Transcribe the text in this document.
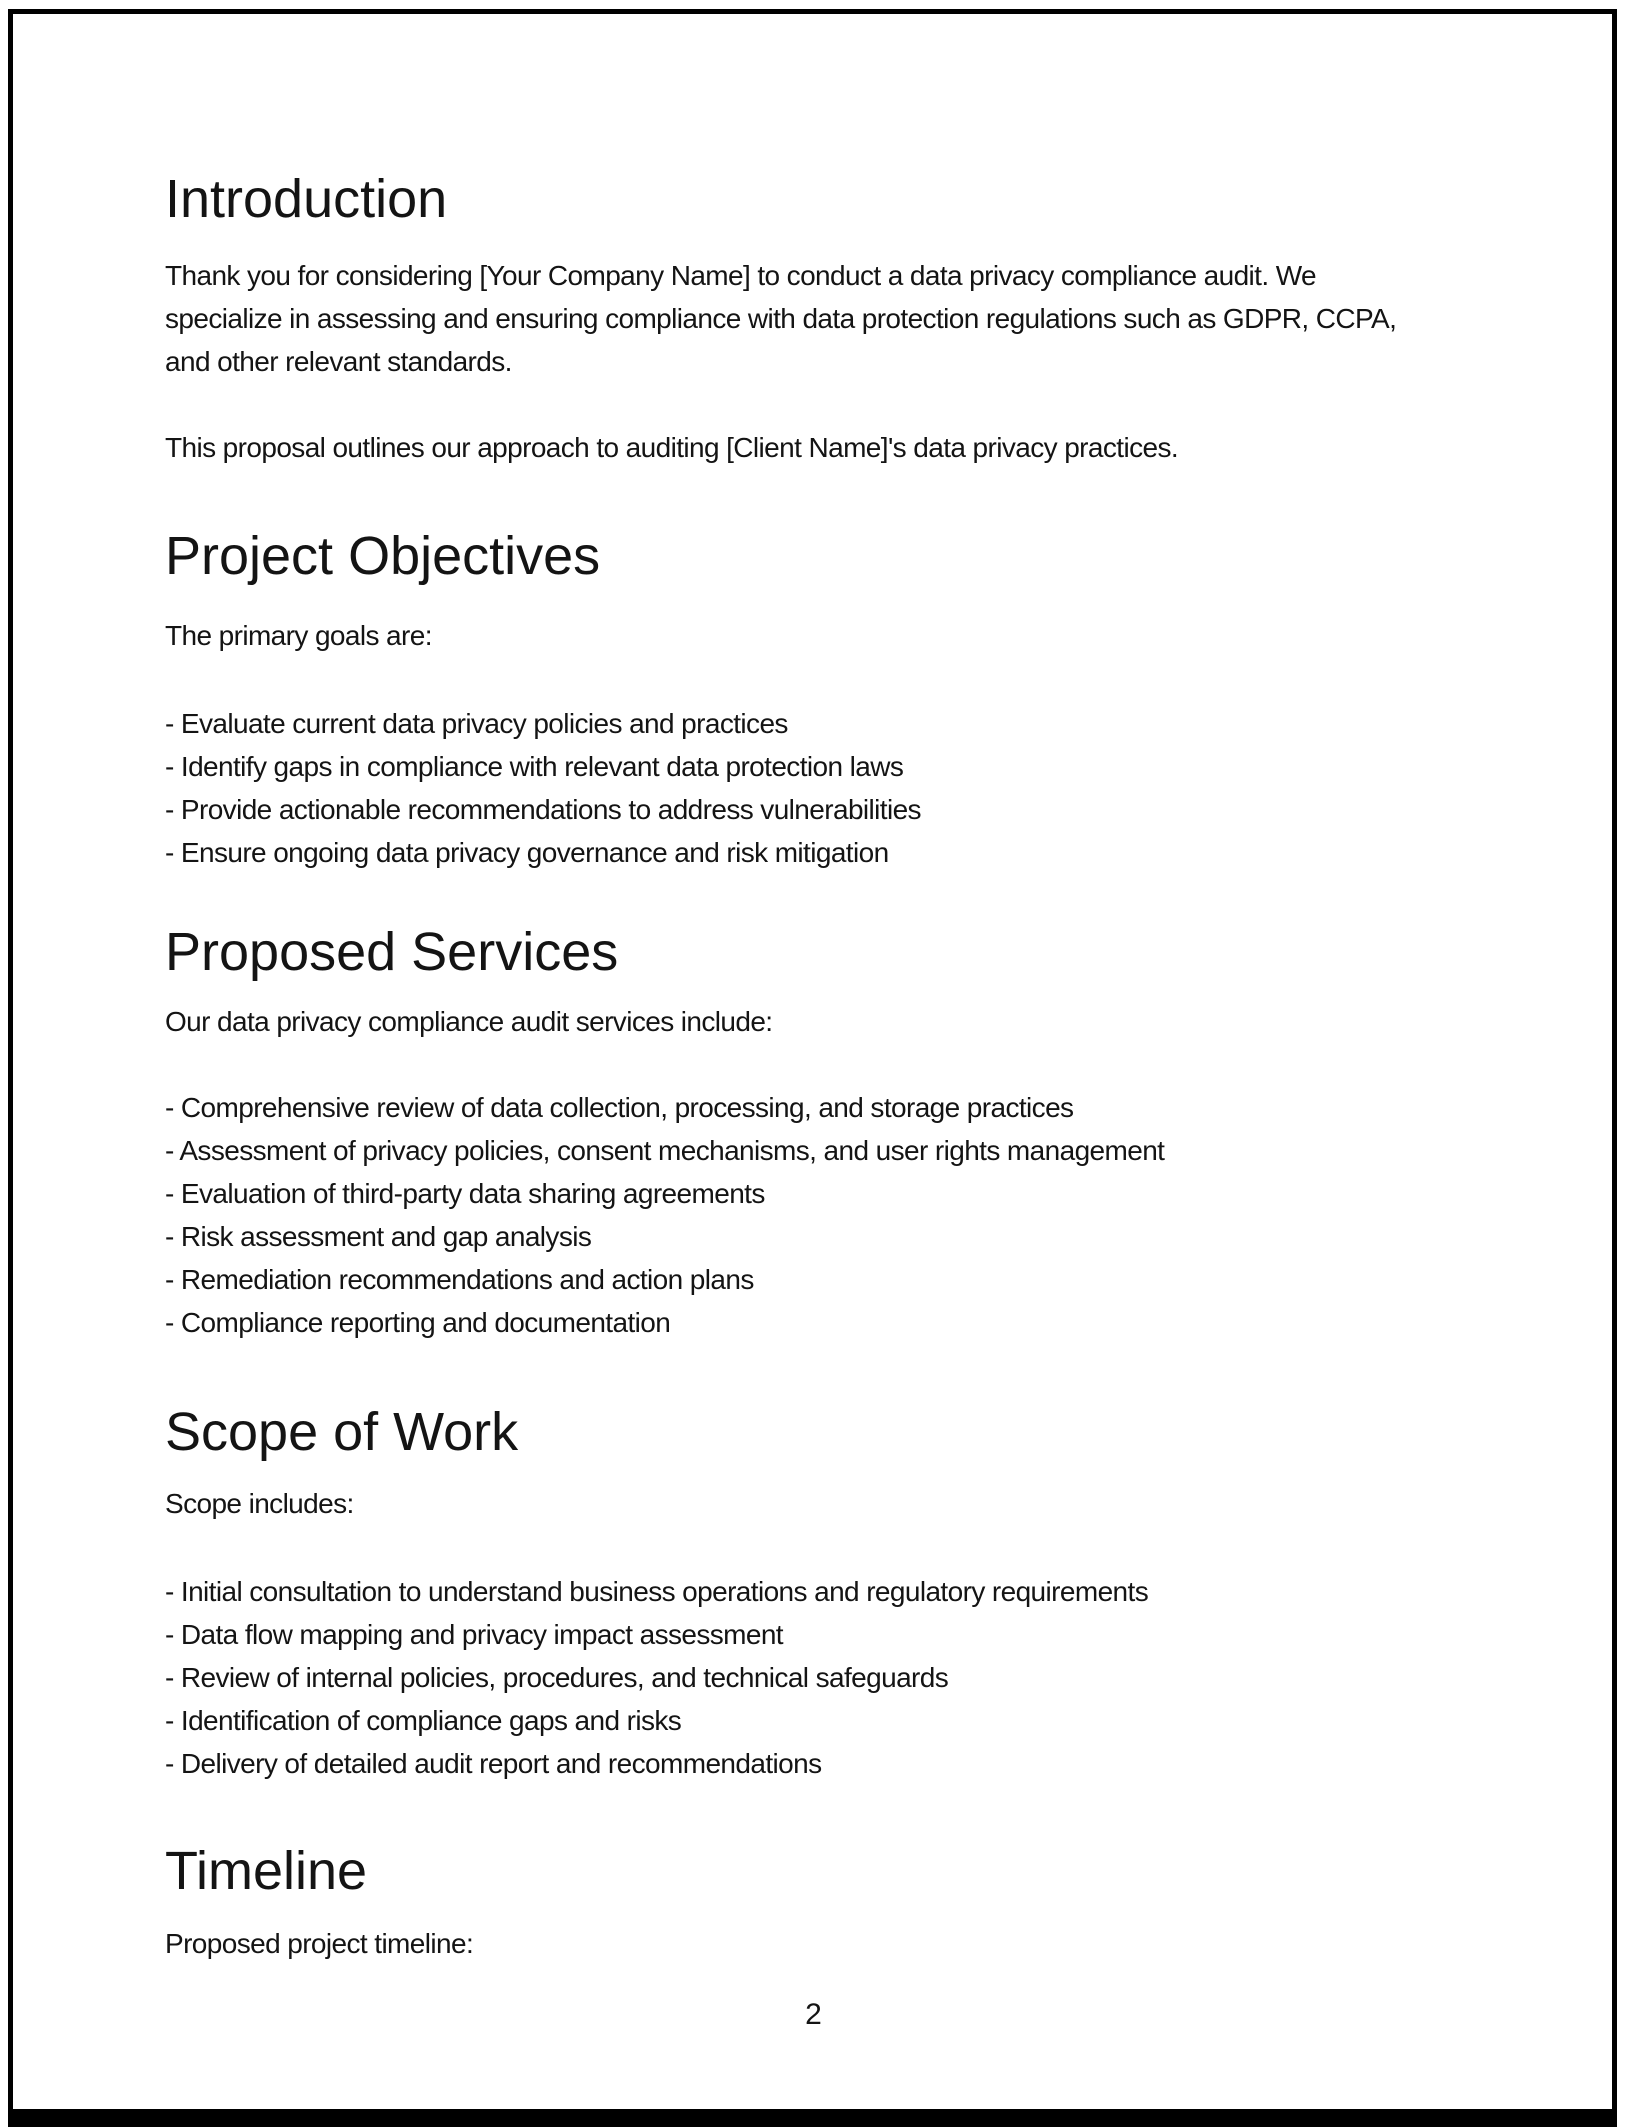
Introduction
Thank you for considering [Your Company Name] to conduct a data privacy compliance audit. We
specialize in assessing and ensuring compliance with data protection regulations such as GDPR, CCPA,
and other relevant standards.
This proposal outlines our approach to auditing [Client Name]'s data privacy practices.
Project Objectives
The primary goals are:
- Evaluate current data privacy policies and practices
- Identify gaps in compliance with relevant data protection laws
- Provide actionable recommendations to address vulnerabilities
- Ensure ongoing data privacy governance and risk mitigation
Proposed Services
Our data privacy compliance audit services include:
- Comprehensive review of data collection, processing, and storage practices
- Assessment of privacy policies, consent mechanisms, and user rights management
- Evaluation of third-party data sharing agreements
- Risk assessment and gap analysis
- Remediation recommendations and action plans
- Compliance reporting and documentation
Scope of Work
Scope includes:
- Initial consultation to understand business operations and regulatory requirements
- Data flow mapping and privacy impact assessment
- Review of internal policies, procedures, and technical safeguards
- Identification of compliance gaps and risks
- Delivery of detailed audit report and recommendations
Timeline
Proposed project timeline:
2
